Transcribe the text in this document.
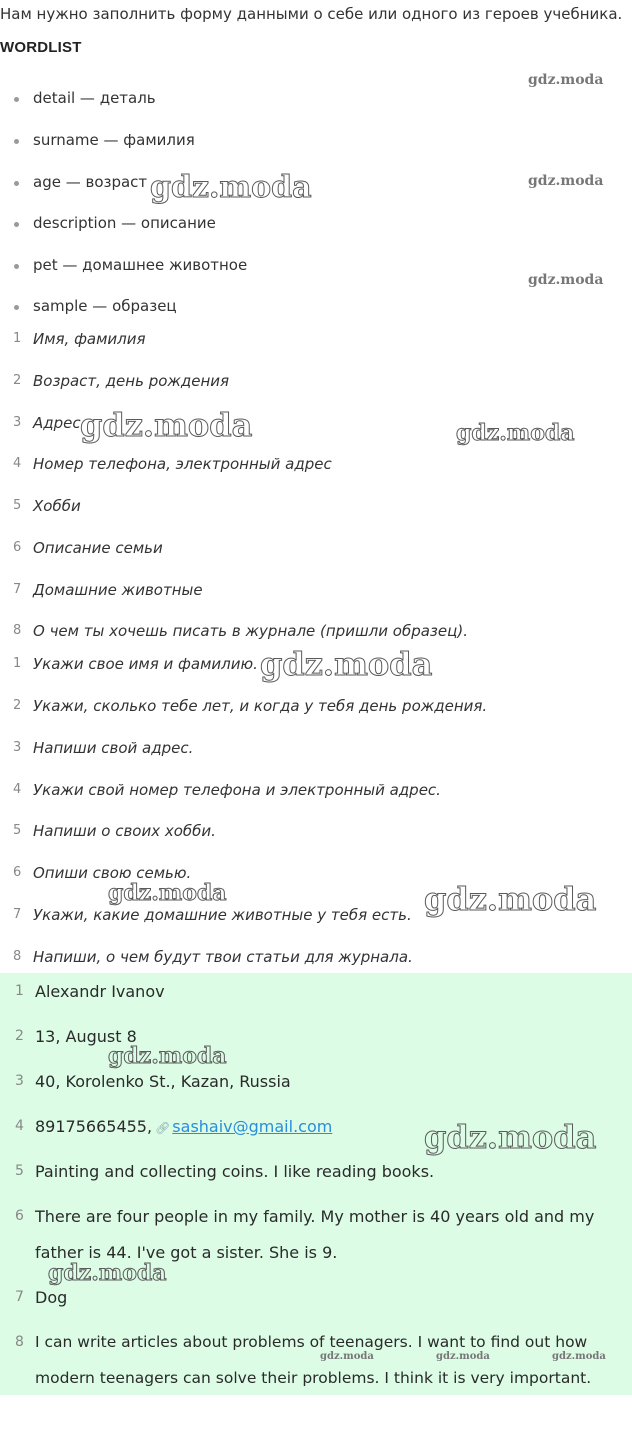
Нам нужно заполнить форму данными о себе или одного из героев учебника.
WORDLIST
detail — деталь
surname — фамилия
age — возраст
description — описание
pet — домашнее животное
sample — образец
1 Имя, фамилия
2 Возраст, день рождения
3 Адрес
4 Номер телефона, электронный адрес
5 Хобби
6 Описание семьи
7 Домашние животные
8 О чем ты хочешь писать в журнале (пришли образец).
1 Укажи свое имя и фамилию.
2 Укажи, сколько тебе лет, и когда у тебя день рождения.
3 Напиши свой адрес.
4 Укажи свой номер телефона и электронный адрес.
5 Напиши о своих хобби.
6 Опиши свою семью.
7 Укажи, какие домашние животные у тебя есть.
8 Напиши, о чем будут твои статьи для журнала.
1 Alexandr Ivanov
2 13, August 8
3 40, Korolenko St., Kazan, Russia
4 89175665455, 🔗︎ sashaiv@gmail.com
5 Painting and collecting coins. I like reading books.
6 There are four people in my family. My mother is 40 years old and my
father is 44. I've got a sister. She is 9.
7 Dog
8 I can write articles about problems of teenagers. I want to find out how
modern teenagers can solve their problems. I think it is very important.
gdz.moda
gdz.moda
gdz.moda
gdz.moda
gdz.moda	gdz.moda
gdz.moda
gdz.moda	gdz.moda
gdz.moda	gdz.moda	gdz.moda
